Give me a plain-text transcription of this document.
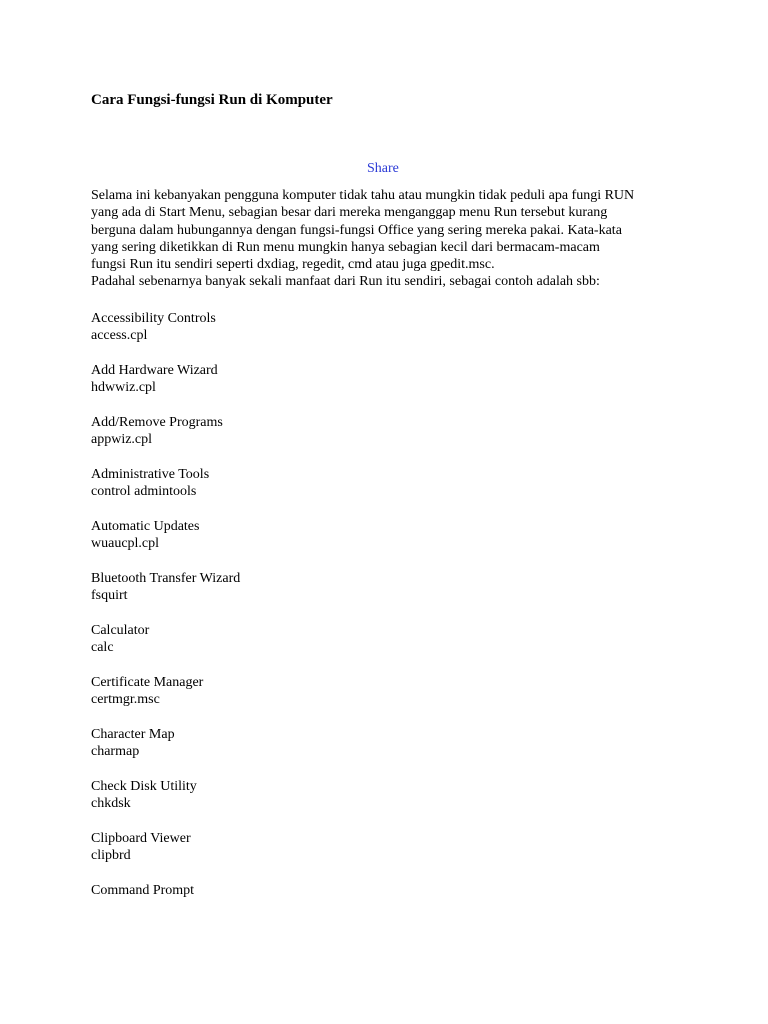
Cara Fungsi-fungsi Run di Komputer
Share
Selama ini kebanyakan pengguna komputer tidak tahu atau mungkin tidak peduli apa fungi RUN
yang ada di Start Menu, sebagian besar dari mereka menganggap menu Run tersebut kurang
berguna dalam hubungannya dengan fungsi-fungsi Office yang sering mereka pakai. Kata-kata
yang sering diketikkan di Run menu mungkin hanya sebagian kecil dari bermacam-macam
fungsi Run itu sendiri seperti dxdiag, regedit, cmd atau juga gpedit.msc.
Padahal sebenarnya banyak sekali manfaat dari Run itu sendiri, sebagai contoh adalah sbb:
Accessibility Controls
access.cpl
Add Hardware Wizard
hdwwiz.cpl
Add/Remove Programs
appwiz.cpl
Administrative Tools
control admintools
Automatic Updates
wuaucpl.cpl
Bluetooth Transfer Wizard
fsquirt
Calculator
calc
Certificate Manager
certmgr.msc
Character Map
charmap
Check Disk Utility
chkdsk
Clipboard Viewer
clipbrd
Command Prompt
